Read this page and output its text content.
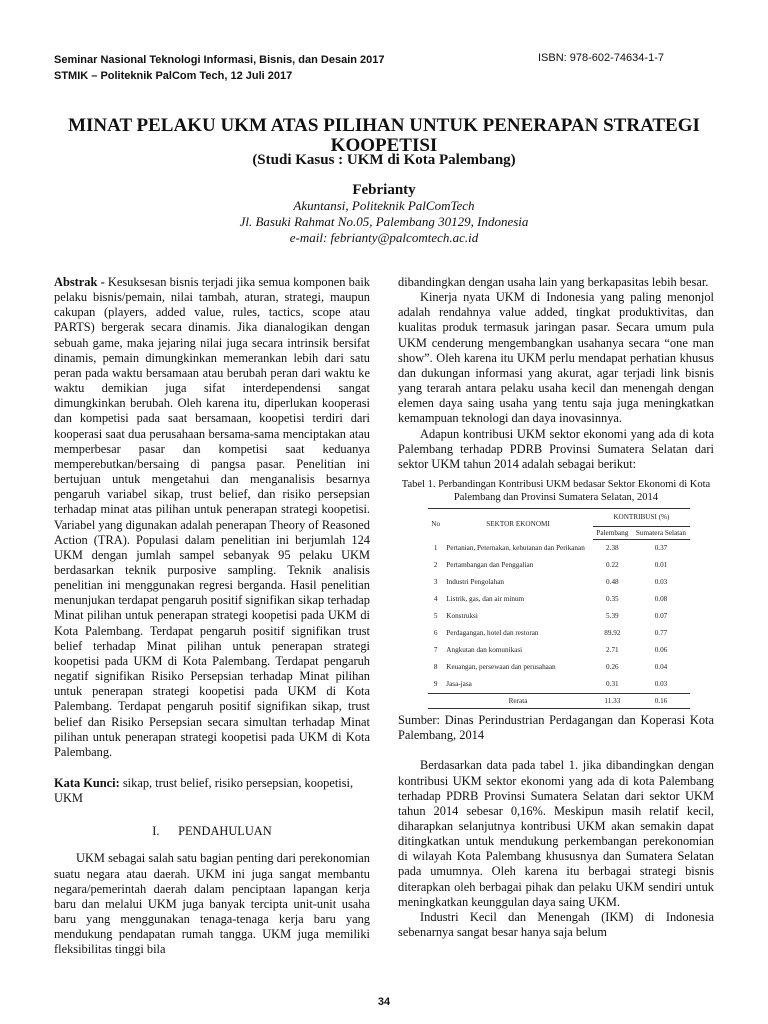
Seminar Nasional Teknologi Informasi, Bisnis, dan Desain 2017
STMIK – Politeknik PalCom Tech, 12 Juli 2017
ISBN: 978-602-74634-1-7
MINAT PELAKU UKM ATAS PILIHAN UNTUK PENERAPAN STRATEGI KOOPETISI
(Studi Kasus : UKM di Kota Palembang)
Febrianty
Akuntansi, Politeknik PalComTech
Jl. Basuki Rahmat No.05, Palembang 30129, Indonesia
e-mail: febrianty@palcomtech.ac.id

Abstrak - Kesuksesan bisnis terjadi jika semua komponen baik pelaku bisnis/pemain, nilai tambah, aturan, strategi, maupun cakupan (players, added value, rules, tactics, scope atau PARTS) bergerak secara dinamis. Jika dianalogikan dengan sebuah game, maka jejaring nilai juga secara intrinsik bersifat dinamis, pemain dimungkinkan memerankan lebih dari satu peran pada waktu bersamaan atau berubah peran dari waktu ke waktu demikian juga sifat interdependensi sangat dimungkinkan berubah. Oleh karena itu, diperlukan kooperasi dan kompetisi pada saat bersamaan, koopetisi terdiri dari kooperasi saat dua perusahaan bersama-sama menciptakan atau memperbesar pasar dan kompetisi saat keduanya memperebutkan/bersaing di pangsa pasar. Penelitian ini bertujuan untuk mengetahui dan menganalisis besarnya pengaruh variabel sikap, trust belief, dan risiko persepsian terhadap minat atas pilihan untuk penerapan strategi koopetisi. Variabel yang digunakan adalah penerapan Theory of Reasoned Action (TRA). Populasi dalam penelitian ini berjumlah 124 UKM dengan jumlah sampel sebanyak 95 pelaku UKM berdasarkan teknik purposive sampling. Teknik analisis penelitian ini menggunakan regresi berganda. Hasil penelitian menunjukan terdapat pengaruh positif signifikan sikap terhadap Minat pilihan untuk penerapan strategi koopetisi pada UKM di Kota Palembang. Terdapat pengaruh positif signifikan trust belief terhadap Minat pilihan untuk penerapan strategi koopetisi pada UKM di Kota Palembang. Terdapat pengaruh negatif signifikan Risiko Persepsian terhadap Minat pilihan untuk penerapan strategi koopetisi pada UKM di Kota Palembang. Terdapat pengaruh positif signifikan sikap, trust belief dan Risiko Persepsian secara simultan terhadap Minat pilihan untuk penerapan strategi koopetisi pada UKM di Kota Palembang.

Kata Kunci: sikap, trust belief, risiko persepsian, koopetisi, UKM

I.      PENDAHULUAN

UKM sebagai salah satu bagian penting dari perekonomian suatu negara atau daerah. UKM ini juga sangat membantu negara/pemerintah daerah dalam penciptaan lapangan kerja baru dan melalui UKM juga banyak tercipta unit-unit usaha baru yang menggunakan tenaga-tenaga kerja baru yang mendukung pendapatan rumah tangga. UKM juga memiliki fleksibilitas tinggi bila

dibandingkan dengan usaha lain yang berkapasitas lebih besar.

Kinerja nyata UKM di Indonesia yang paling menonjol adalah rendahnya value added, tingkat produktivitas, dan kualitas produk termasuk jaringan pasar. Secara umum pula UKM cenderung mengembangkan usahanya secara “one man show”. Oleh karena itu UKM perlu mendapat perhatian khusus dan dukungan informasi yang akurat, agar terjadi link bisnis yang terarah antara pelaku usaha kecil dan menengah dengan elemen daya saing usaha yang tentu saja juga meningkatkan kemampuan teknologi dan daya inovasinnya.

Adapun kontribusi UKM sektor ekonomi yang ada di kota Palembang terhadap PDRB Provinsi Sumatera Selatan dari sektor UKM tahun 2014 adalah sebagai berikut:

Tabel 1. Perbandingan Kontribusi UKM bedasar Sektor Ekonomi di Kota Palembang dan Provinsi Sumatera Selatan, 2014
No	SEKTOR EKONOMI	KONTRIBUSI (%)	
		Palembang	Sumatera Selatan
1	Pertanian, Peternakan, kehutanan dan Perikanan	2.38	0.37
2	Pertambangan dan Penggalian	0.22	0.01
3	Industri Pengolahan	0.48	0.03
4	Listrik, gas, dan air minum	0.35	0.08
5	Konstruksi	5.39	0.07
6	Perdagangan, hotel dan restoran	89.92	0.77
7	Angkutan dan komunikasi	2.71	0.06
8	Keuangan, persewaan dan perusahaan	0.26	0.04
9	Jasa-jasa	0.31	0.03
	Rerata	11.33	0.16

Sumber: Dinas Perindustrian Perdagangan dan Koperasi Kota Palembang, 2014

Berdasarkan data pada tabel 1. jika dibandingkan dengan kontribusi UKM sektor ekonomi yang ada di kota Palembang terhadap PDRB Provinsi Sumatera Selatan dari sektor UKM tahun 2014 sebesar 0,16%. Meskipun masih relatif kecil, diharapkan selanjutnya kontribusi UKM akan semakin dapat ditingkatkan untuk mendukung perkembangan perekonomian di wilayah Kota Palembang khususnya dan Sumatera Selatan pada umumnya. Oleh karena itu berbagai strategi bisnis diterapkan oleh berbagai pihak dan pelaku UKM sendiri untuk meningkatkan keunggulan daya saing UKM.

Industri Kecil dan Menengah (IKM) di Indonesia sebenarnya sangat besar hanya saja belum

34
